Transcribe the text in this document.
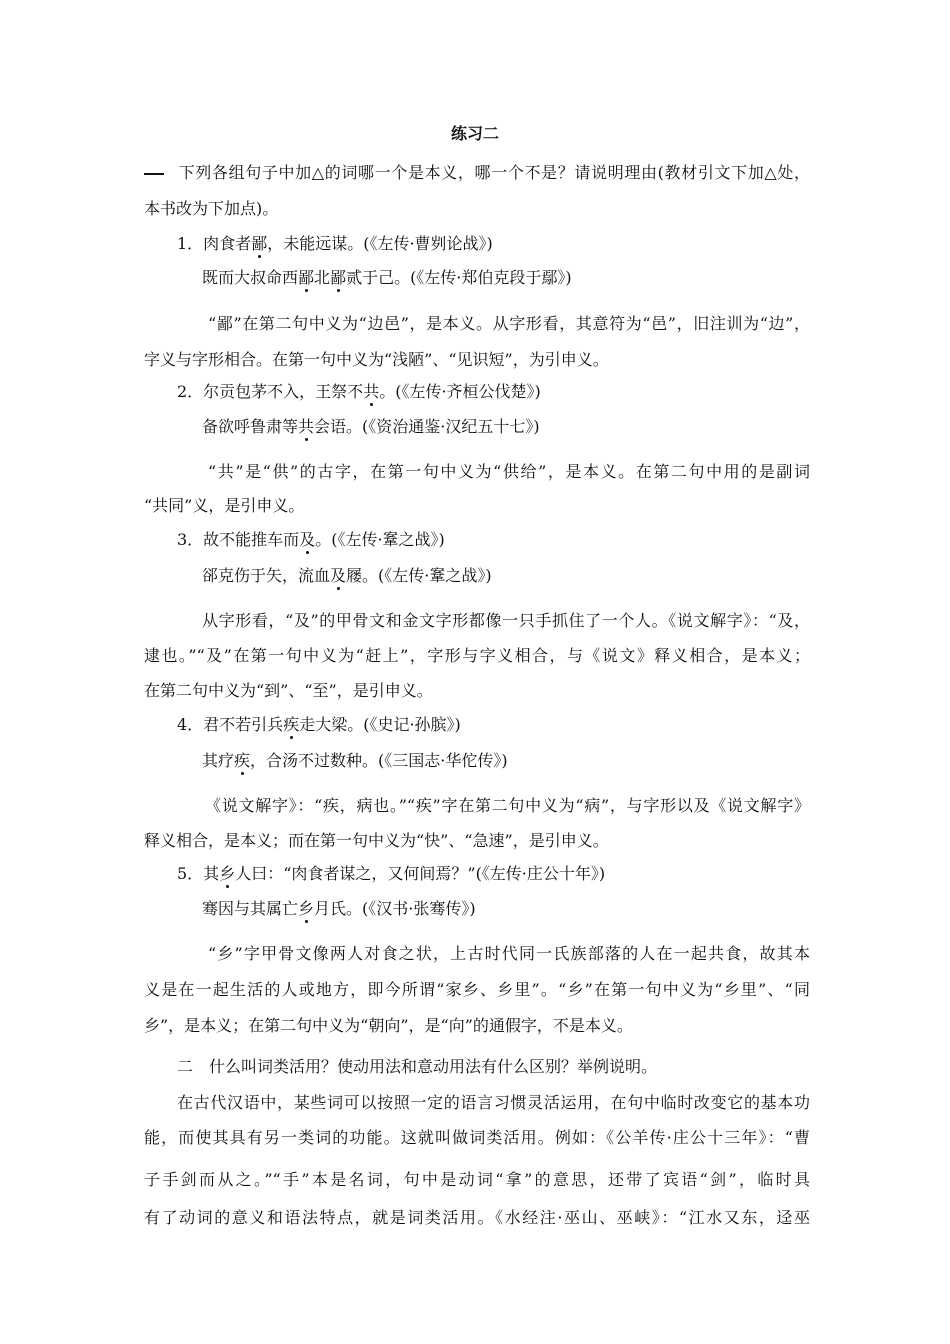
练习二
下列各组句子中加△的词哪一个是本义，哪一个不是？请说明理由(教材引文下加△处，
本书改为下加点)。
1．肉食者鄙，未能远谋。(《左传·曹刿论战》)
既而大叔命西鄙北鄙贰于己。(《左传·郑伯克段于鄢》)
“鄙”在第二句中义为“边邑”，是本义。从字形看，其意符为“邑”，旧注训为“边”，
字义与字形相合。在第一句中义为“浅陋”、“见识短”，为引申义。
2．尔贡包茅不入，王祭不共。(《左传·齐桓公伐楚》)
备欲呼鲁肃等共会语。(《资治通鉴·汉纪五十七》)
“共”是“供”的古字，在第一句中义为“供给”，是本义。在第二句中用的是副词
“共同”义，是引申义。
3．故不能推车而及。(《左传·鞌之战》)
郤克伤于矢，流血及屦。(《左传·鞌之战》)
从字形看，“及”的甲骨文和金文字形都像一只手抓住了一个人。《说文解字》：“及，
逮也。”“及”在第一句中义为“赶上”，字形与字义相合，与《说文》释义相合，是本义；
在第二句中义为“到”、“至”，是引申义。
4．君不若引兵疾走大梁。(《史记·孙膑》)
其疗疾，合汤不过数种。(《三国志·华佗传》)
《说文解字》：“疾，病也。”“疾”字在第二句中义为“病”，与字形以及《说文解字》
释义相合，是本义；而在第一句中义为“快”、“急速”，是引申义。
5．其乡人曰：“肉食者谋之，又何间焉？”(《左传·庄公十年》)
骞因与其属亡乡月氏。(《汉书·张骞传》)
“乡”字甲骨文像两人对食之状，上古时代同一氏族部落的人在一起共食，故其本
义是在一起生活的人或地方，即今所谓“家乡、乡里”。“乡”在第一句中义为“乡里”、“同
乡”，是本义；在第二句中义为“朝向”，是“向”的通假字，不是本义。
二　什么叫词类活用？使动用法和意动用法有什么区别？举例说明。
在古代汉语中，某些词可以按照一定的语言习惯灵活运用，在句中临时改变它的基本功
能，而使其具有另一类词的功能。这就叫做词类活用。例如：《公羊传·庄公十三年》：“曹
子手剑而从之。”“手”本是名词，句中是动词“拿”的意思，还带了宾语“剑”，临时具
有了动词的意义和语法特点，就是词类活用。《水经注·巫山、巫峡》：“江水又东，迳巫
